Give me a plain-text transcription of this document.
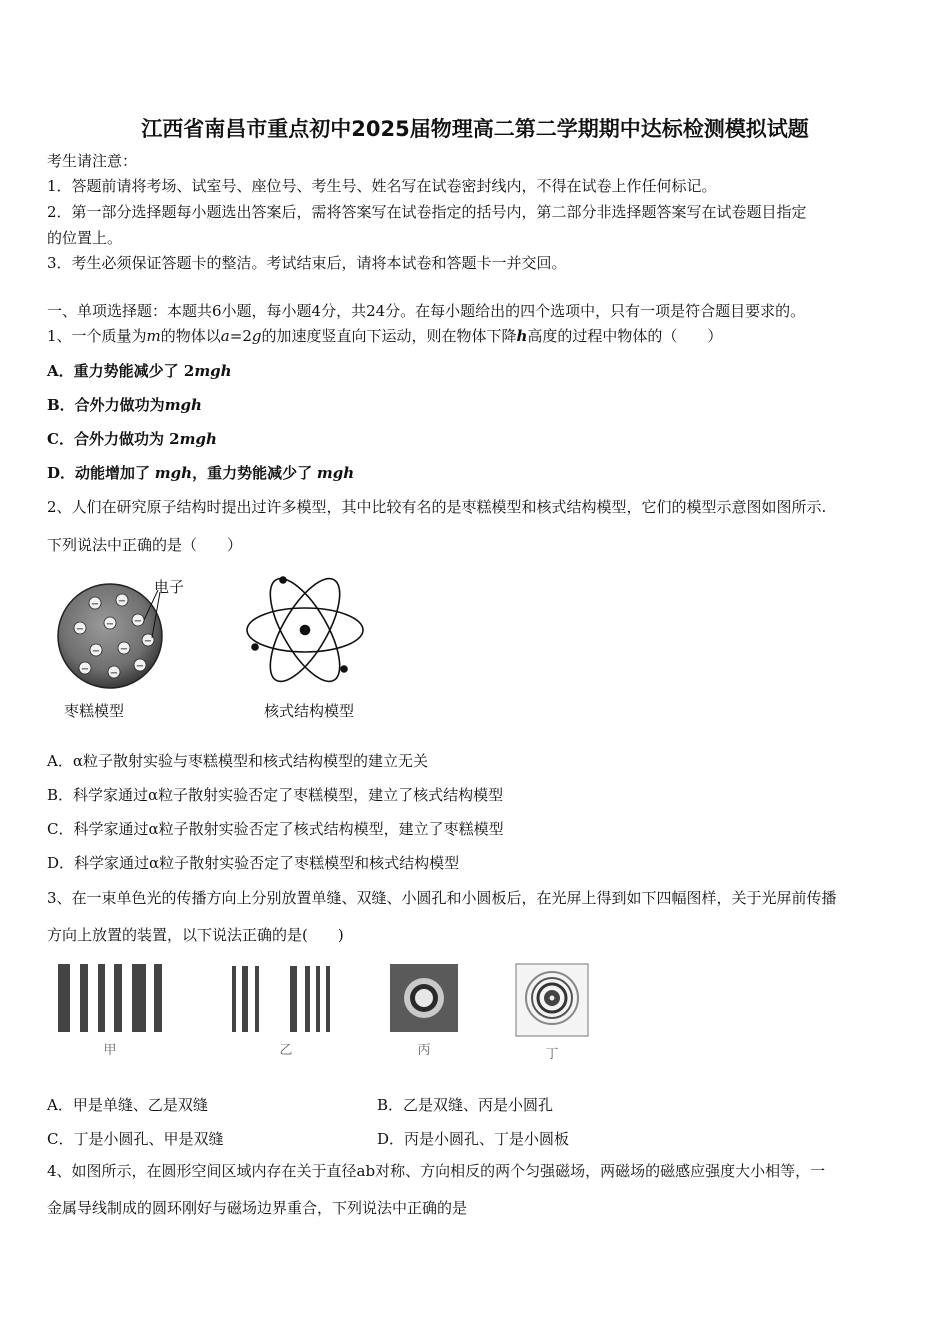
江西省南昌市重点初中2025届物理高二第二学期期中达标检测模拟试题
考生请注意：
1．答题前请将考场、试室号、座位号、考生号、姓名写在试卷密封线内，不得在试卷上作任何标记。
2．第一部分选择题每小题选出答案后，需将答案写在试卷指定的括号内，第二部分非选择题答案写在试卷题目指定
的位置上。
3．考生必须保证答题卡的整洁。考试结束后，请将本试卷和答题卡一并交回。
一、单项选择题：本题共6小题，每小题4分，共24分。在每小题给出的四个选项中，只有一项是符合题目要求的。
1、一个质量为m的物体以a=2g的加速度竖直向下运动，则在物体下降h高度的过程中物体的（　　）
A．重力势能减少了 2mgh
B．合外力做功为mgh
C．合外力做功为 2mgh
D．动能增加了 mgh，重力势能减少了 mgh
2、人们在研究原子结构时提出过许多模型，其中比较有名的是枣糕模型和核式结构模型，它们的模型示意图如图所示.
下列说法中正确的是（　　）
− −
− − −
− −
−
− −
−
电子
枣糕模型	核式结构模型
A．α粒子散射实验与枣糕模型和核式结构模型的建立无关
B．科学家通过α粒子散射实验否定了枣糕模型，建立了核式结构模型
C．科学家通过α粒子散射实验否定了核式结构模型，建立了枣糕模型
D．科学家通过α粒子散射实验否定了枣糕模型和核式结构模型
3、在一束单色光的传播方向上分别放置单缝、双缝、小圆孔和小圆板后，在光屏上得到如下四幅图样，关于光屏前传播
方向上放置的装置，以下说法正确的是(　　)
甲	乙	丙	丁
A．甲是单缝、乙是双缝	B．乙是双缝、丙是小圆孔
C．丁是小圆孔、甲是双缝	D．丙是小圆孔、丁是小圆板
4、如图所示，在圆形空间区域内存在关于直径ab对称、方向相反的两个匀强磁场，两磁场的磁感应强度大小相等，一
金属导线制成的圆环刚好与磁场边界重合，下列说法中正确的是
